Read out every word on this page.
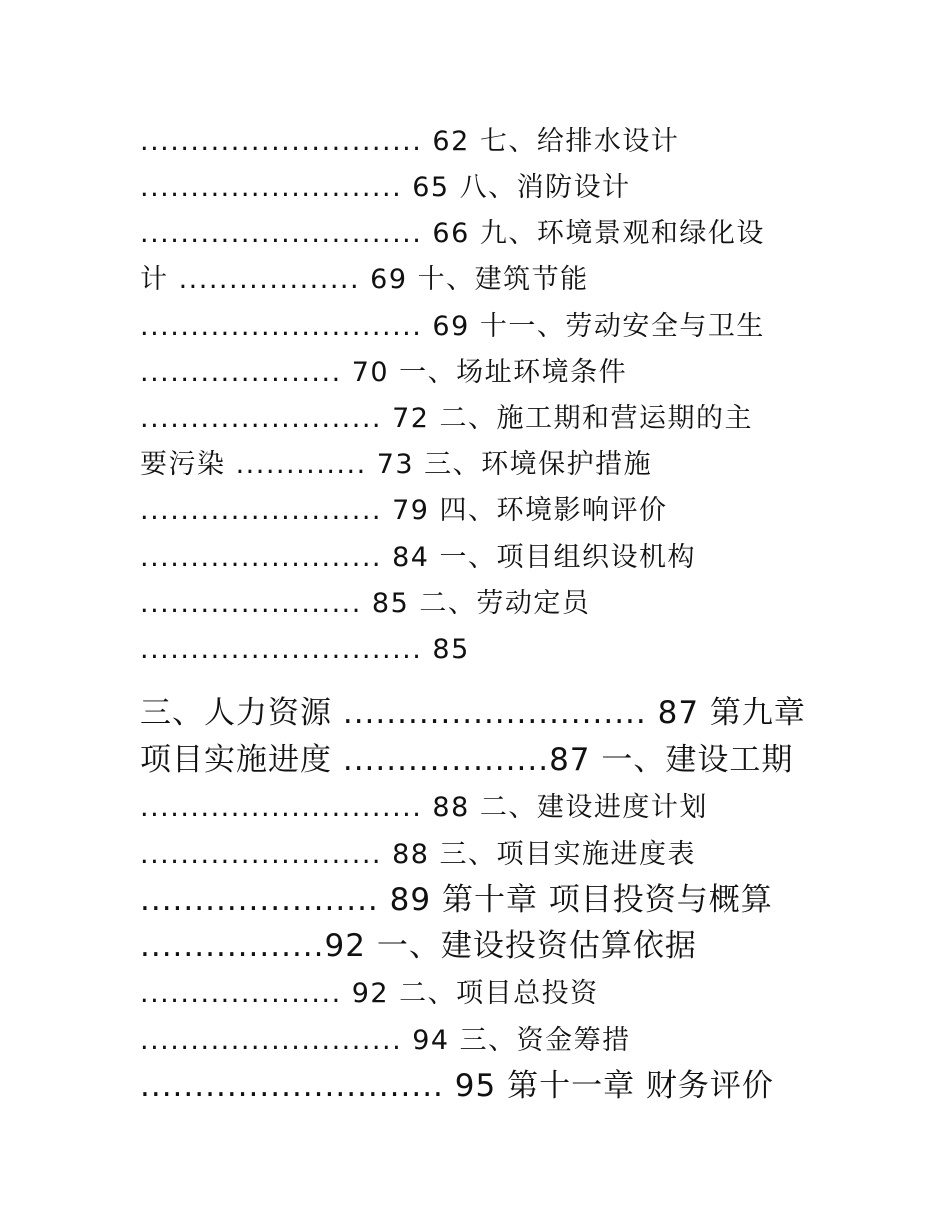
............................ 62 七、给排水设计
.......................... 65 八、消防设计
............................ 66 九、环境景观和绿化设
计 .................. 69 十、建筑节能
............................ 69 十一、劳动安全与卫生
.................... 70 一、场址环境条件
........................ 72 二、施工期和营运期的主
要污染 ............. 73 三、环境保护措施
........................ 79 四、环境影响评价
........................ 84 一、项目组织设机构
...................... 85 二、劳动定员
............................ 85
三、人力资源 ............................ 87 第九章
项目实施进度 ...................87 一、建设工期
............................ 88 二、建设进度计划
........................ 88 三、项目实施进度表
...................... 89 第十章 项目投资与概算
.................92 一、建设投资估算依据
.................... 92 二、项目总投资
.......................... 94 三、资金筹措
............................ 95 第十一章 财务评价
